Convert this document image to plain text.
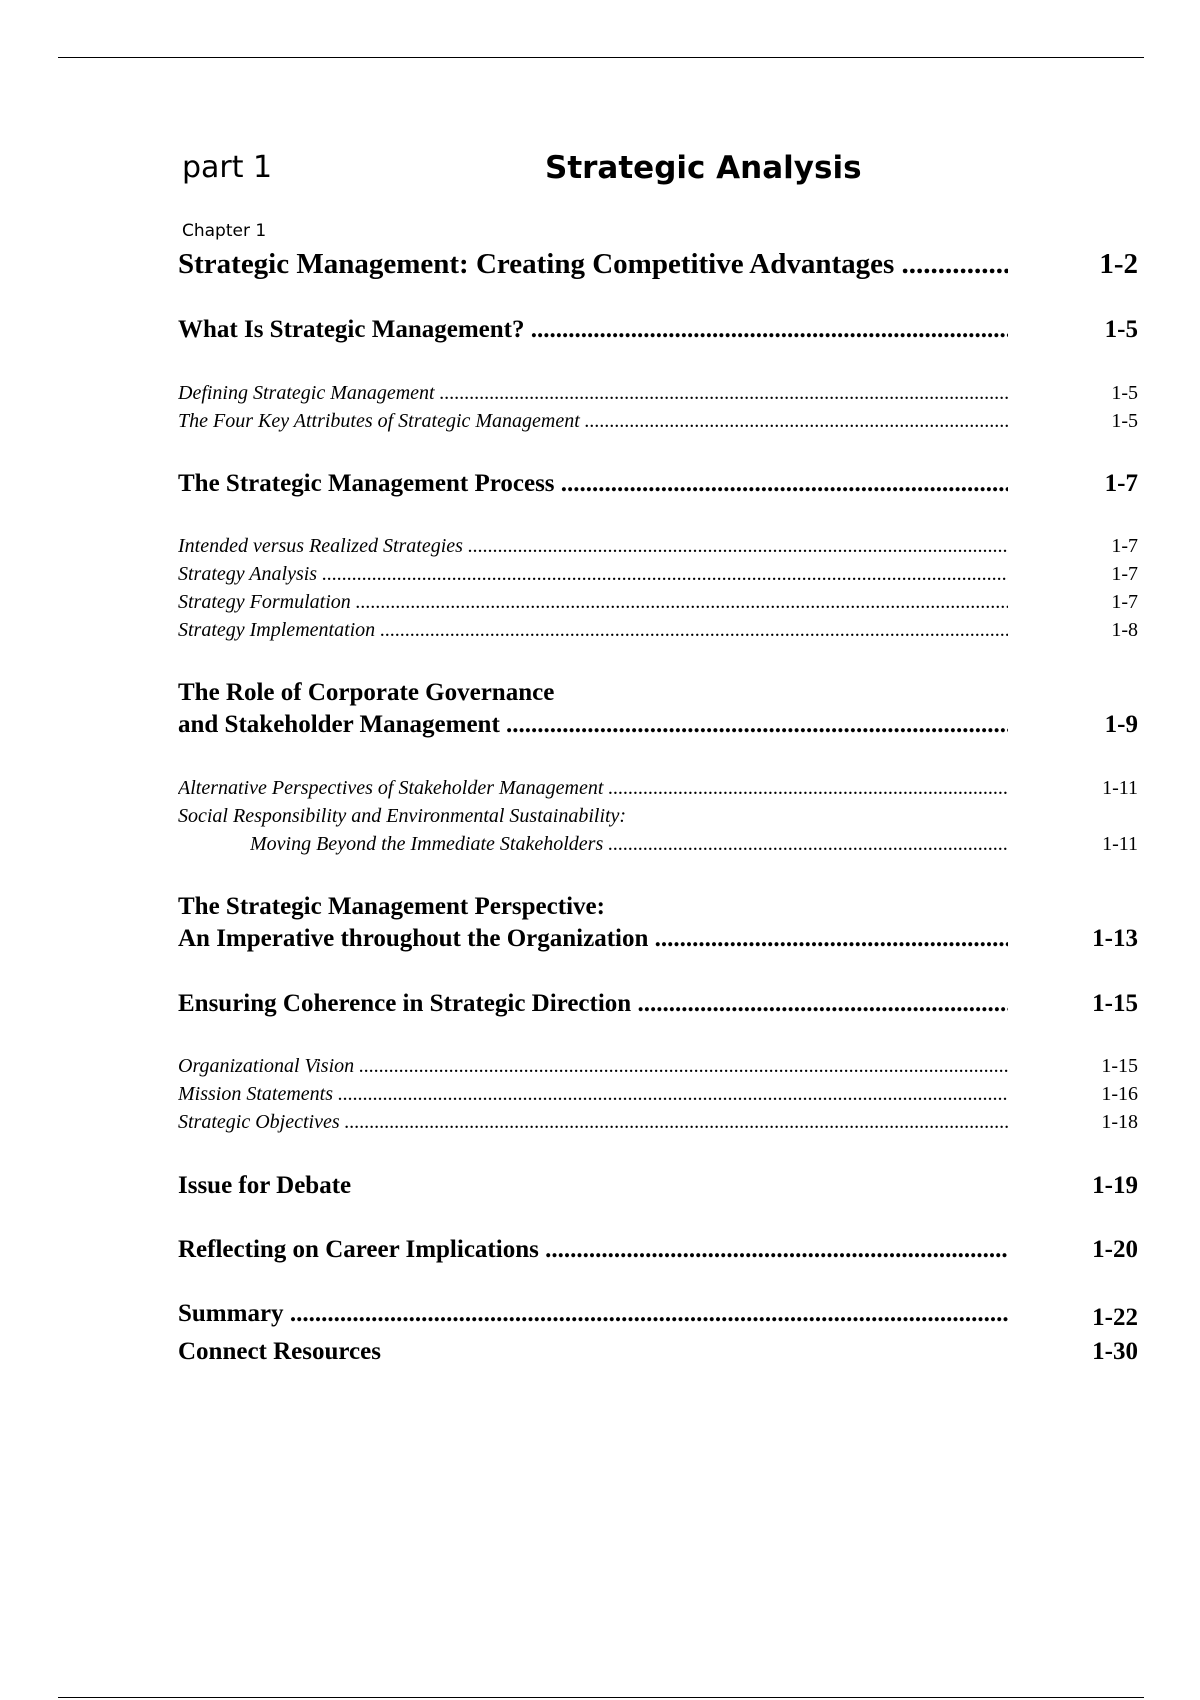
part 1	Strategic Analysis
Chapter 1
Strategic Management: Creating Competitive Advantages .....	1-2
What Is Strategic Management? .....	1-5
Defining Strategic Management .....	1-5
The Four Key Attributes of Strategic Management .....	1-5
The Strategic Management Process .....	1-7
Intended versus Realized Strategies .....	1-7
Strategy Analysis .....	1-7
Strategy Formulation .....	1-7
Strategy Implementation .....	1-8
The Role of Corporate Governance
and Stakeholder Management .....	1-9
Alternative Perspectives of Stakeholder Management .....	1-11
Social Responsibility and Environmental Sustainability:
Moving Beyond the Immediate Stakeholders .....	1-11
The Strategic Management Perspective:
An Imperative throughout the Organization .....	1-13
Ensuring Coherence in Strategic Direction .....	1-15
Organizational Vision .....	1-15
Mission Statements .....	1-16
Strategic Objectives .....	1-18
Issue for Debate	1-19
Reflecting on Career Implications .....	1-20
Summary .....	1-22
Connect Resources	1-30
